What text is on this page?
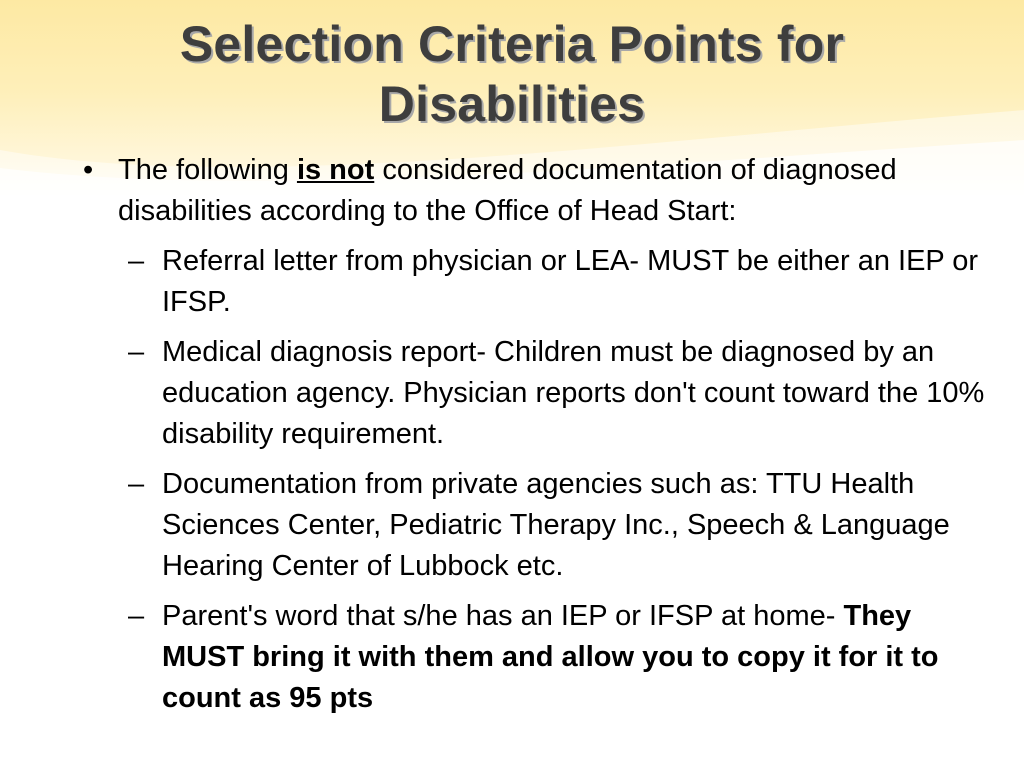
Selection Criteria Points for Disabilities

• The following is not considered documentation of diagnosed disabilities according to the Office of Head Start:

– Referral letter from physician or LEA- MUST be either an IEP or IFSP.

– Medical diagnosis report- Children must be diagnosed by an education agency. Physician reports don't count toward the 10% disability requirement.

– Documentation from private agencies such as: TTU Health Sciences Center, Pediatric Therapy Inc., Speech & Language Hearing Center of Lubbock etc.

– Parent's word that s/he has an IEP or IFSP at home- They MUST bring it with them and allow you to copy it for it to count as 95 pts
